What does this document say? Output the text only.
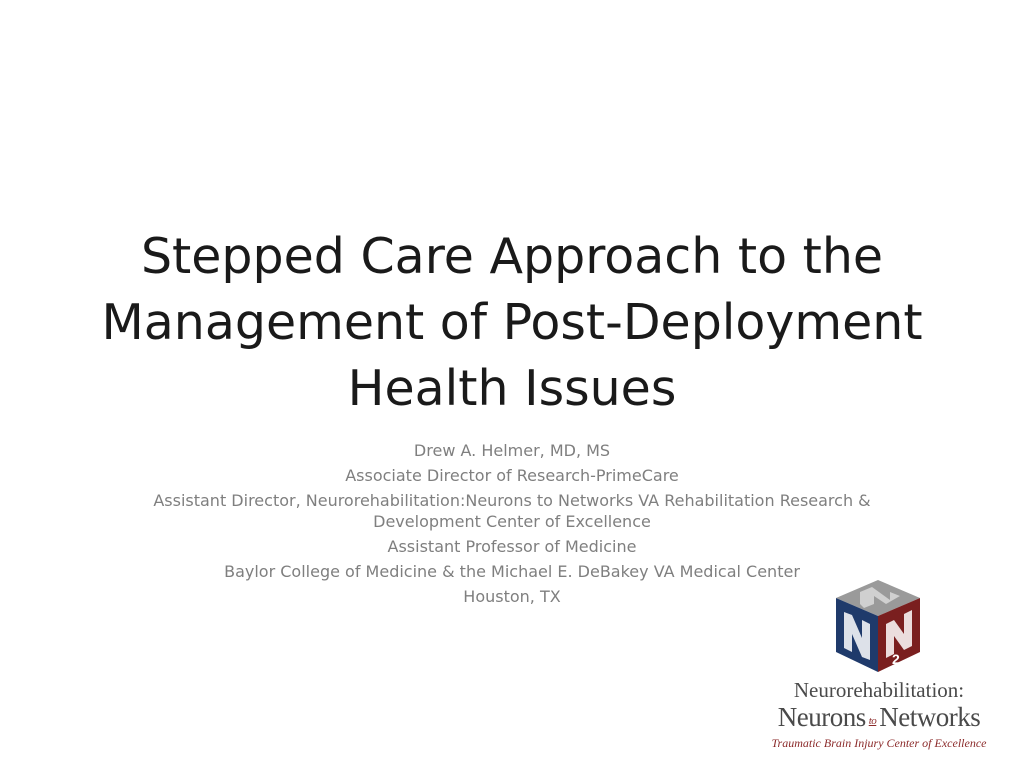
Stepped Care Approach to the
Management of Post-Deployment
Health Issues
Drew A. Helmer, MD, MS
Associate Director of Research-PrimeCare
Assistant Director, Neurorehabilitation:Neurons to Networks VA Rehabilitation Research & Development Center of Excellence
Assistant Professor of Medicine
Baylor College of Medicine & the Michael E. DeBakey VA Medical Center
Houston, TX
2
Neurorehabilitation:
Neurons to Networks
Traumatic Brain Injury Center of Excellence
